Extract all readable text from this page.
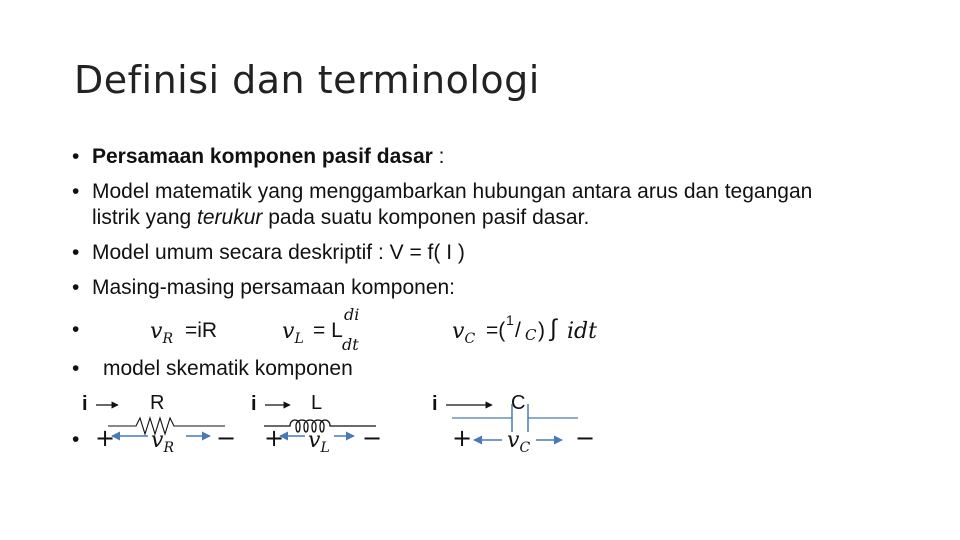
Definisi dan terminologi
• Persamaan komponen pasif dasar :
• Model matematik yang menggambarkan hubungan antara arus dan tegangan listrik yang terukur pada suatu komponen pasif dasar.
• Model umum secara deskriptif : V = f( I )
• Masing-masing persamaan komponen:
•	$v_R =iR$	$v_L = L$
di
dt
$v_C$ =( 1 / C ) ∫ idt
• model skematik komponen
i	R	i	L	i	C
• + $v_R$ − + $v_L$ −	+ $v_C$ −
